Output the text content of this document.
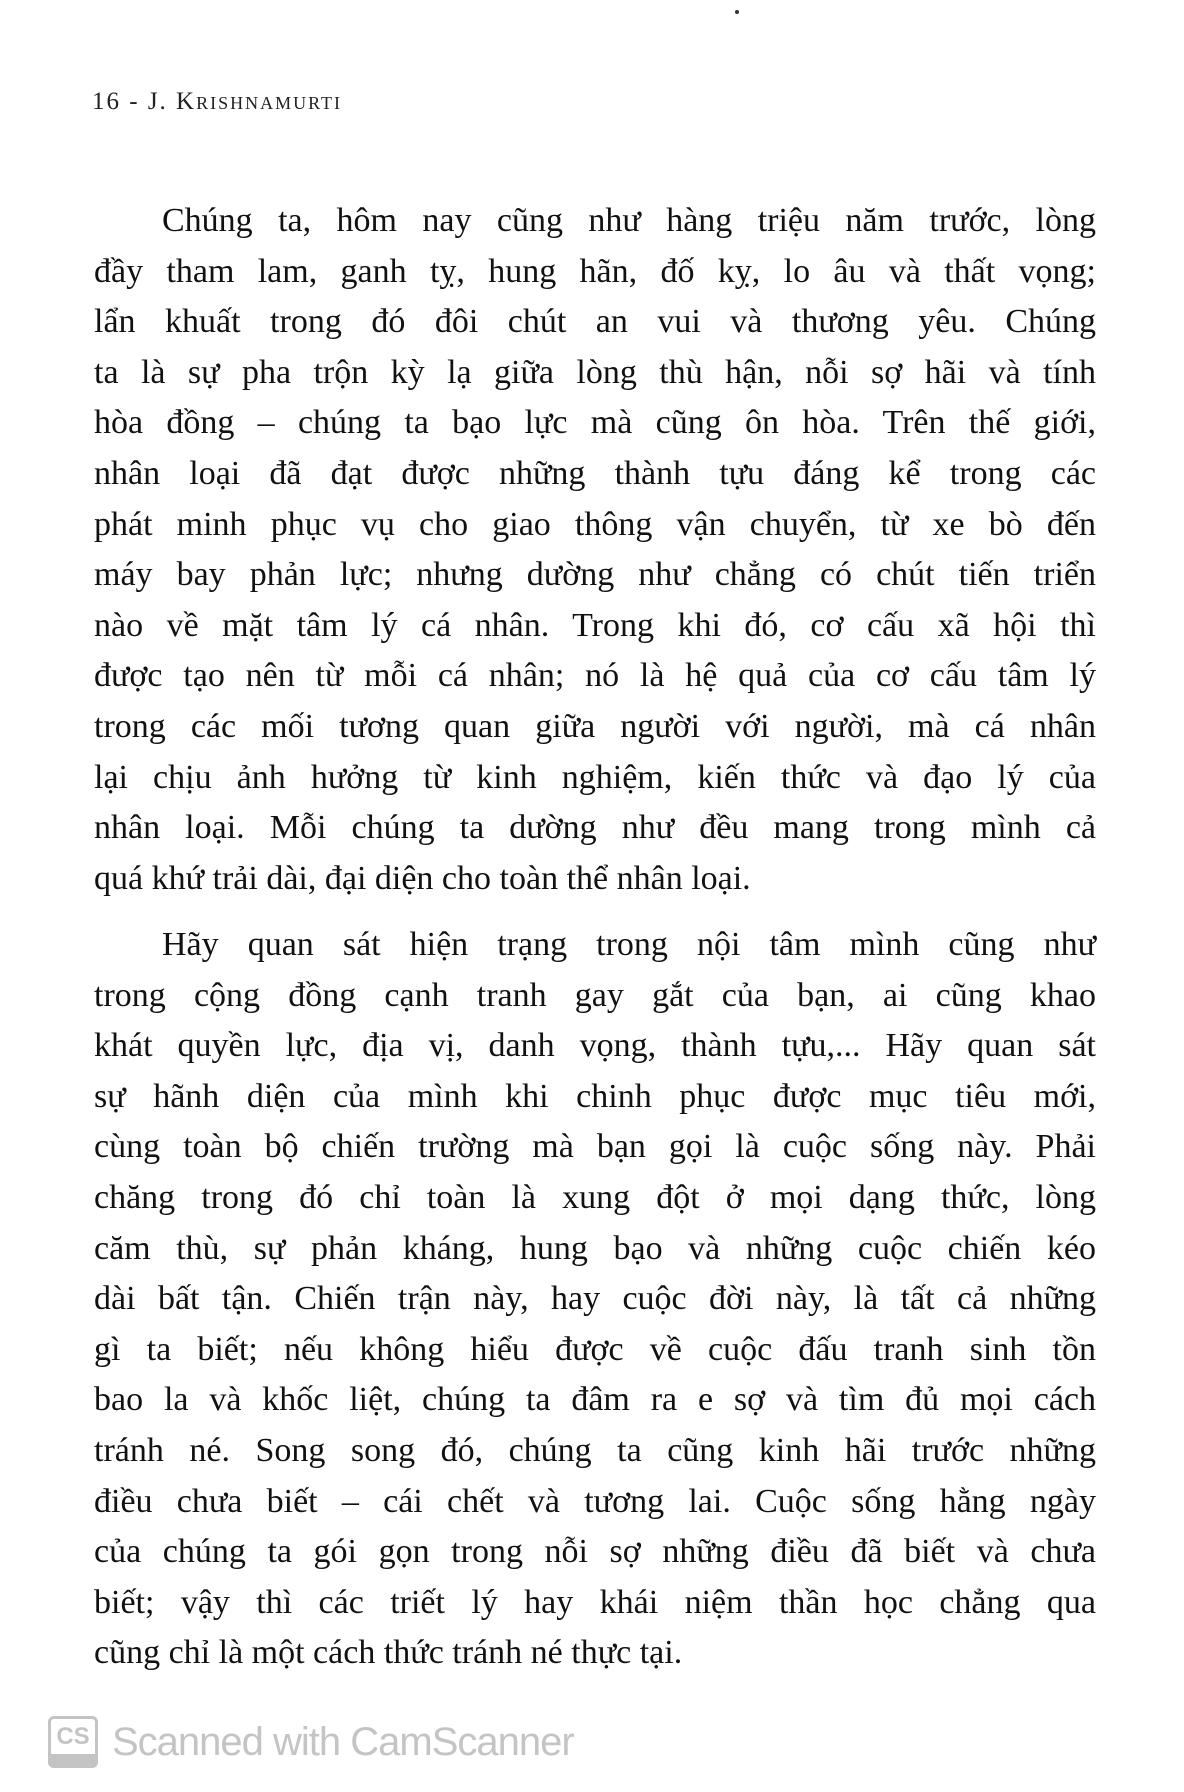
16 - J. Krishnamurti
Chúng ta, hôm nay cũng như hàng triệu năm trước, lòng
đầy tham lam, ganh tỵ, hung hãn, đố kỵ, lo âu và thất vọng;
lẩn khuất trong đó đôi chút an vui và thương yêu. Chúng
ta là sự pha trộn kỳ lạ giữa lòng thù hận, nỗi sợ hãi và tính
hòa đồng – chúng ta bạo lực mà cũng ôn hòa. Trên thế giới,
nhân loại đã đạt được những thành tựu đáng kể trong các
phát minh phục vụ cho giao thông vận chuyển, từ xe bò đến
máy bay phản lực; nhưng dường như chẳng có chút tiến triển
nào về mặt tâm lý cá nhân. Trong khi đó, cơ cấu xã hội thì
được tạo nên từ mỗi cá nhân; nó là hệ quả của cơ cấu tâm lý
trong các mối tương quan giữa người với người, mà cá nhân
lại chịu ảnh hưởng từ kinh nghiệm, kiến thức và đạo lý của
nhân loại. Mỗi chúng ta dường như đều mang trong mình cả
quá khứ trải dài, đại diện cho toàn thể nhân loại.
Hãy quan sát hiện trạng trong nội tâm mình cũng như
trong cộng đồng cạnh tranh gay gắt của bạn, ai cũng khao
khát quyền lực, địa vị, danh vọng, thành tựu,... Hãy quan sát
sự hãnh diện của mình khi chinh phục được mục tiêu mới,
cùng toàn bộ chiến trường mà bạn gọi là cuộc sống này. Phải
chăng trong đó chỉ toàn là xung đột ở mọi dạng thức, lòng
căm thù, sự phản kháng, hung bạo và những cuộc chiến kéo
dài bất tận. Chiến trận này, hay cuộc đời này, là tất cả những
gì ta biết; nếu không hiểu được về cuộc đấu tranh sinh tồn
bao la và khốc liệt, chúng ta đâm ra e sợ và tìm đủ mọi cách
tránh né. Song song đó, chúng ta cũng kinh hãi trước những
điều chưa biết – cái chết và tương lai. Cuộc sống hằng ngày
của chúng ta gói gọn trong nỗi sợ những điều đã biết và chưa
biết; vậy thì các triết lý hay khái niệm thần học chẳng qua
cũng chỉ là một cách thức tránh né thực tại.
CS Scanned with CamScanner
